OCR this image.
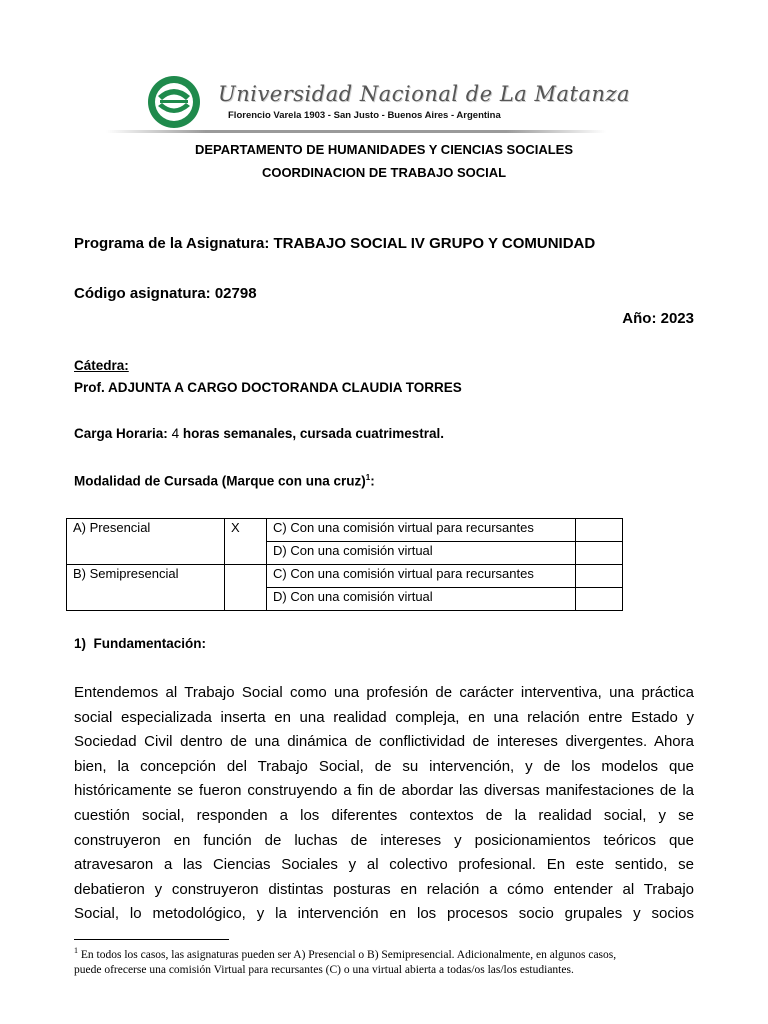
Universidad Nacional de La Matanza
Florencio Varela 1903 - San Justo - Buenos Aires - Argentina
DEPARTAMENTO DE HUMANIDADES Y CIENCIAS SOCIALES
COORDINACION DE TRABAJO SOCIAL
Programa de la Asignatura: TRABAJO SOCIAL IV GRUPO Y COMUNIDAD
Código asignatura: 02798
Año: 2023
Cátedra:
Prof. ADJUNTA A CARGO DOCTORANDA CLAUDIA TORRES
Carga Horaria: 4 horas semanales, cursada cuatrimestral.
Modalidad de Cursada (Marque con una cruz)$^1$:
A) Presencial	X	C) Con una comisión virtual para recursantes	
		D) Con una comisión virtual	
B) Semipresencial		C) Con una comisión virtual para recursantes	
		D) Con una comisión virtual	
1) Fundamentación:
Entendemos al Trabajo Social como una profesión de carácter interventiva, una práctica
social especializada inserta en una realidad compleja, en una relación entre Estado y
Sociedad Civil dentro de una dinámica de conflictividad de intereses divergentes. Ahora
bien, la concepción del Trabajo Social, de su intervención, y de los modelos que
históricamente se fueron construyendo a fin de abordar las diversas manifestaciones de la
cuestión social, responden a los diferentes contextos de la realidad social, y se
construyeron en función de luchas de intereses y posicionamientos teóricos que
atravesaron a las Ciencias Sociales y al colectivo profesional. En este sentido, se
debatieron y construyeron distintas posturas en relación a cómo entender al Trabajo
Social, lo metodológico, y la intervención en los procesos socio grupales y socios
$^1$ En todos los casos, las asignaturas pueden ser A) Presencial o B) Semipresencial. Adicionalmente, en algunos casos,
puede ofrecerse una comisión Virtual para recursantes (C) o una virtual abierta a todas/os las/los estudiantes.
